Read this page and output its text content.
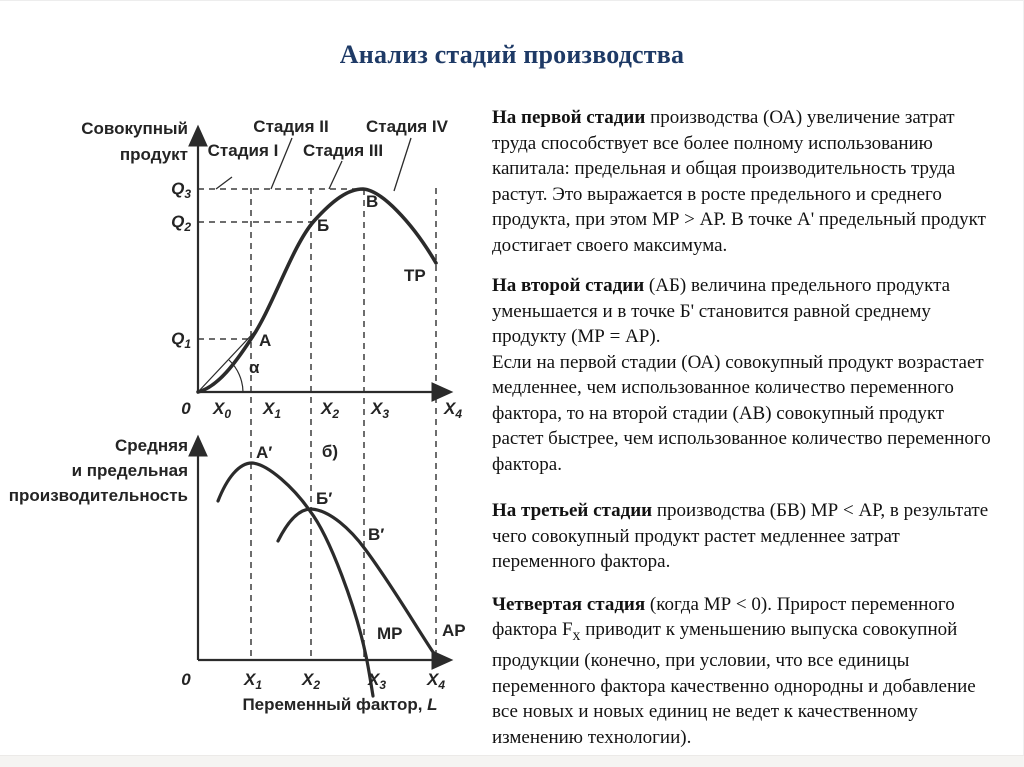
Анализ стадий производства
Совокупный
продукт Стадия I
Стадия II
Стадия III
Стадия IV
$Q_3$
$Q_2$
$Q_1$	А
Б
В
TP
α
0 $X_0$ $X_1$ $X_2$ $X_3$	$X_4$
Средняя
и предельная
производительность
A′	б)
Б′
В′
MP AP
0	$X_1$ $X_2$	$X_3$ $X_4$
Переменный фактор, L

На первой стадии производства (ОА) увеличение затрат труда способствует все более полному использованию капитала: предельная и общая производительность труда растут. Это выражается в росте предельного и среднего продукта, при этом МР > АР. В точке А' предельный продукт достигает своего максимума.

На второй стадии (АБ) величина предельного продукта уменьшается и в точке Б' становится равной среднему продукту (МР = АР).

Если на первой стадии (ОА) совокупный продукт возрастает медленнее, чем использованное количество переменного фактора, то на второй стадии (АВ) совокупный продукт растет быстрее, чем использованное количество переменного фактора.

На третьей стадии производства (БВ) МР < АР, в результате чего совокупный продукт растет медленнее затрат переменного фактора.

Четвертая стадия (когда МР < 0). Прирост переменного фактора $F_x$ приводит к уменьшению выпуска совокупной продукции (конечно, при условии, что все единицы переменного фактора качественно однородны и добавление все новых и новых единиц не ведет к качественному изменению технологии).
